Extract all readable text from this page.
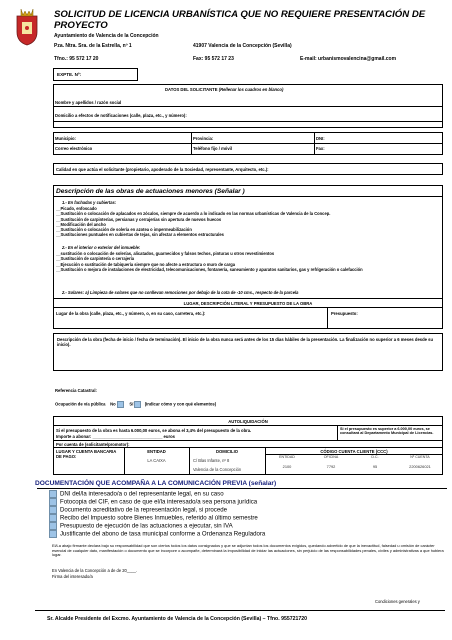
SOLICITUD DE LICENCIA URBANÍSTICA QUE NO REQUIERE PRESENTACIÓN DE PROYECTO
Ayuntamiento de Valencia de la Concepción
Pza. Ntra. Sra. de la Estrella, nº 1	41907 Valencia de la Concepción (Sevilla)
Tfno.: 95 572 17 20	Fax: 95 572 17 23	E-mail: urbanismovalencina@gmail.com
EXPTE. Nº:
DATOS DEL SOLICITANTE (Rellenar los cuadros en blanco)
Nombre y apellidos / razón social
Domicilio a efectos de notificaciones (calle, plaza, etc., y número):
Municipio:	Provincia:	DNI:
Correo electrónico	Teléfono fijo / móvil	Fax:
Calidad en que actúa el solicitante (propietario, apoderado de la Sociedad, representante, Arquitecto, etc.):
Descripción de las obras de actuaciones menores (Señalar )
1.- En fachadas y cubiertas:
__Picado, enfoscado
__Sustitución o colocación de aplacados en zócalos, siempre de acuerdo a lo indicado en las normas urbanísticas de Valencia de la Concep.
__Sustitución de carpinterías, persianas y cerrajerías sin apertura de nuevos huecos
__Modificación del ancho
__Sustitución o colocación de solería en azotea o impermeabilización
__Sustituciones puntuales en cubiertas de tejas, sin afectar a elementos estructurales
2.- En el interior o exterior del inmueble:
__sustitución o colocación de solerías, alicatados, guarnecidos y falsos techos, pinturas u otros revestimientos
__Sustitución de carpintería o cerrajería
__Ejecución o sustitución de tabiquería siempre que no afecte a estructura o muro de carga
__Sustitución o mejora de instalaciones de electricidad, telecomunicaciones, fontanería, saneamiento y aparatos sanitarios, gas y refrigeración o calefacción
2.- Solares: a) Limpieza de solares que no conllevan remociones por debajo de la cota de -10 cms., respecto de la parcela
LUGAR, DESCRIPCIÓN LITERAL Y PRESUPUESTO DE LA OBRA
Lugar de la obra (calle, plaza, etc., y número, o, en su caso, carretera, etc.):	Presupuesto:
Descripción de la obra (fecha de inicio / fecha de terminación). El inicio de la obra nunca será antes de los 15 días hábiles de la presentación. La finalización no superior a 6 meses desde su inicio).
Referencia Catastral:
Ocupación de vía pública No	Sí	(indicar cómo y con qué elementos)
AUTOLIQUIDACIÓN
Si el presupuesto de la obra es hasta 6.000,00 euros, se abona el 3,4% del presupuesto de la obra.	Si el presupuesto es superior a 6.000,00 euros, se consultará al Departamento Municipal de Licencias.
Importe a abonar: ______________________________ euros
Por cuenta de (solicitante/promotor):
LUGAR Y CUENTA BANCARIA DE PAGO:
ENTIDAD	DOMICILIO	CÓDIGO CUENTA CLIENTE (CCC)
LA CAIXA	C/ Blas Infante, nº 8
Valencia de la Concepción
ENTIDAD	OFICINA	D.C.	Nº CUENTA
2100	7792	95	2200626021
DOCUMENTACIÓN QUE ACOMPAÑA A LA COMUNICACIÓN PREVIA (señalar)
DNI del/la interesado/a o del representante legal, en su caso
Fotocopia del CIF, en caso de que el/la interesado/a sea persona jurídica
Documento acreditativo de la representación legal, si procede
Recibo del Impuesto sobre Bienes Inmuebles, referido al último semestre
Presupuesto de ejecución de las actuaciones a ejecutar, sin IVA
Justificante del abono de tasa municipal conforme a Ordenanza Reguladora
El/La abajo firmante declara bajo su responsabilidad que son ciertos todos los datos consignados y que se adjuntan todos los documentos exigidos, quedando advertido de que la inexactitud, falsedad u omisión de carácter esencial de cualquier dato, manifestación o documento que se incorpore o acompañe, determinará la imposibilidad de iniciar las actuaciones, sin perjuicio de las responsabilidades penales, civiles y administrativas a que hubiera lugar.
En Valencia de la Concepción a de de 20____.
Firma del interesado/a
Condiciones generales y
Sr. Alcalde Presidente del Excmo. Ayuntamiento de Valencia de la Concepción (Sevilla) – Tfno. 955721720
